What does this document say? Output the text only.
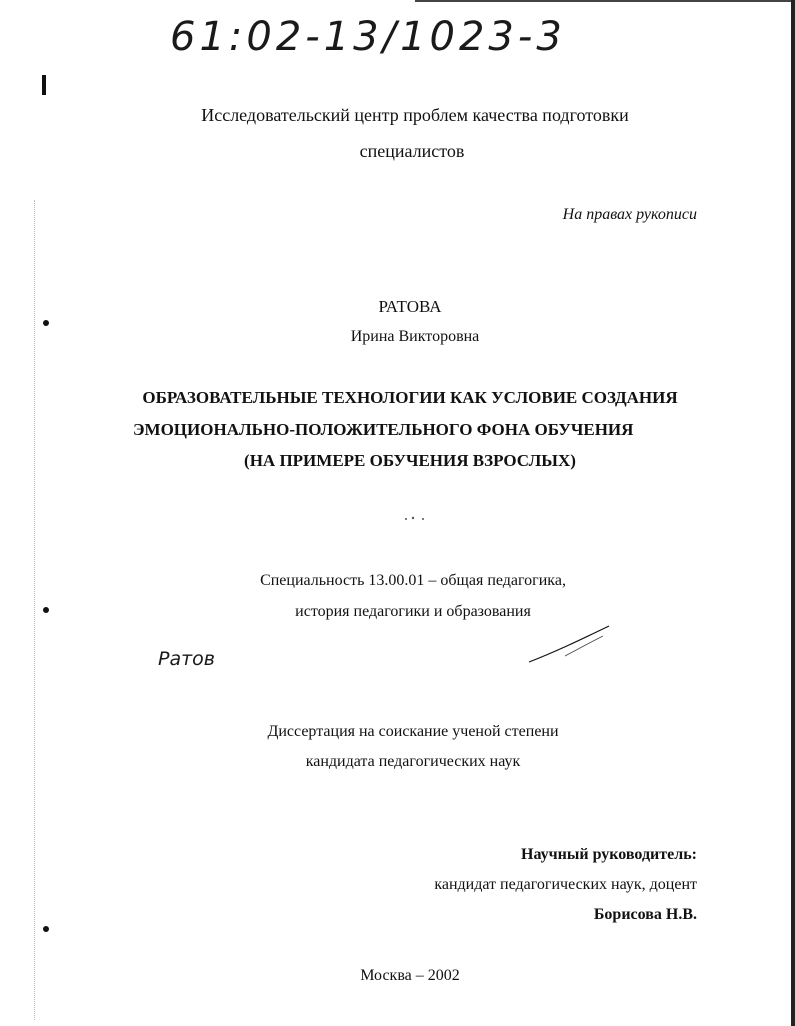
61:02-13/1023-3
Исследовательский центр проблем качества подготовки
специалистов
На правах рукописи
РАТОВА
Ирина Викторовна
ОБРАЗОВАТЕЛЬНЫЕ ТЕХНОЛОГИИ КАК УСЛОВИЕ СОЗДАНИЯ
ЭМОЦИОНАЛЬНО-ПОЛОЖИТЕЛЬНОГО ФОНА ОБУЧЕНИЯ
(НА ПРИМЕРЕ ОБУЧЕНИЯ ВЗРОСЛЫХ)
Специальность 13.00.01 – общая педагогика,
история педагогики и образования
Ратов
Диссертация на соискание ученой степени
кандидата педагогических наук
Научный руководитель:
кандидат педагогических наук, доцент
Борисова Н.В.
Москва – 2002
